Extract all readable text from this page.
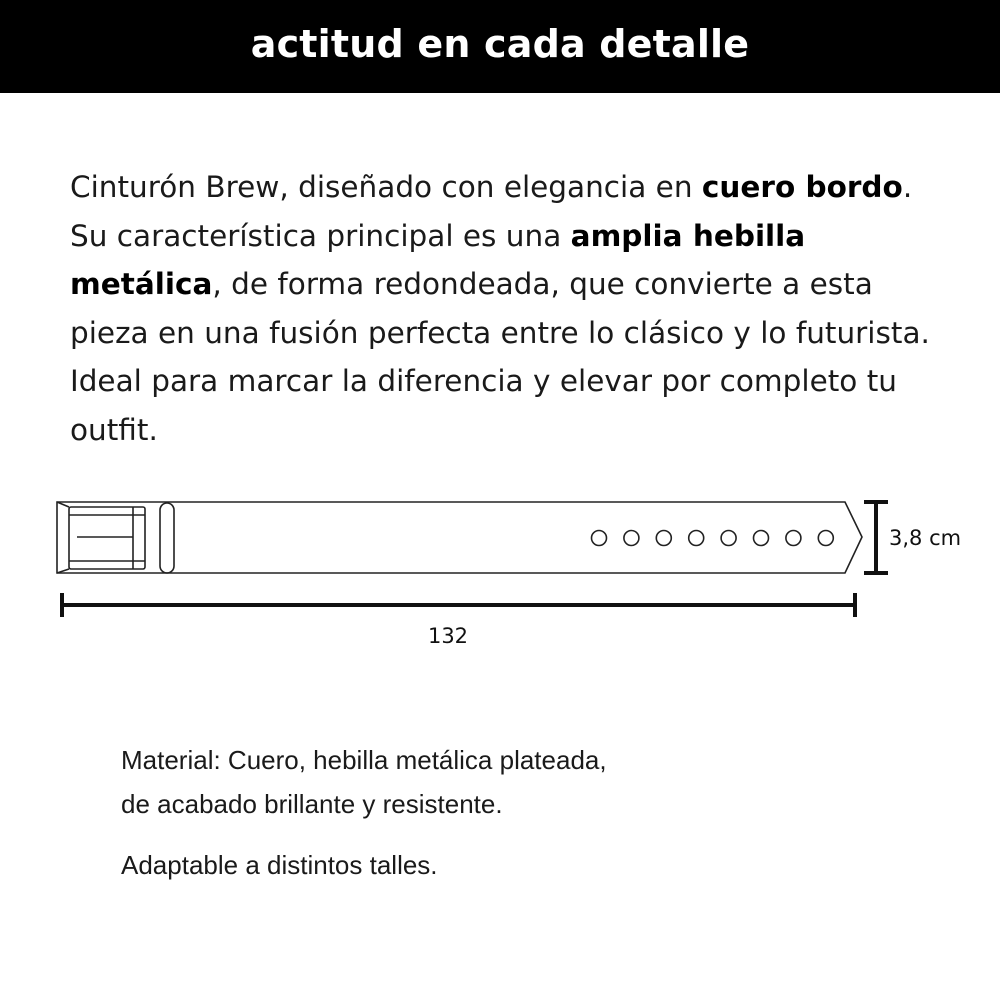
actitud en cada detalle

Cinturón Brew, diseñado con elegancia en cuero bordo. Su característica principal es una amplia hebilla metálica, de forma redondeada, que convierte a esta pieza en una fusión perfecta entre lo clásico y lo futurista. Ideal para marcar la diferencia y elevar por completo tu outfit.

3,8 cm
132

Material: Cuero, hebilla metálica plateada,
de acabado brillante y resistente.

Adaptable a distintos talles.
